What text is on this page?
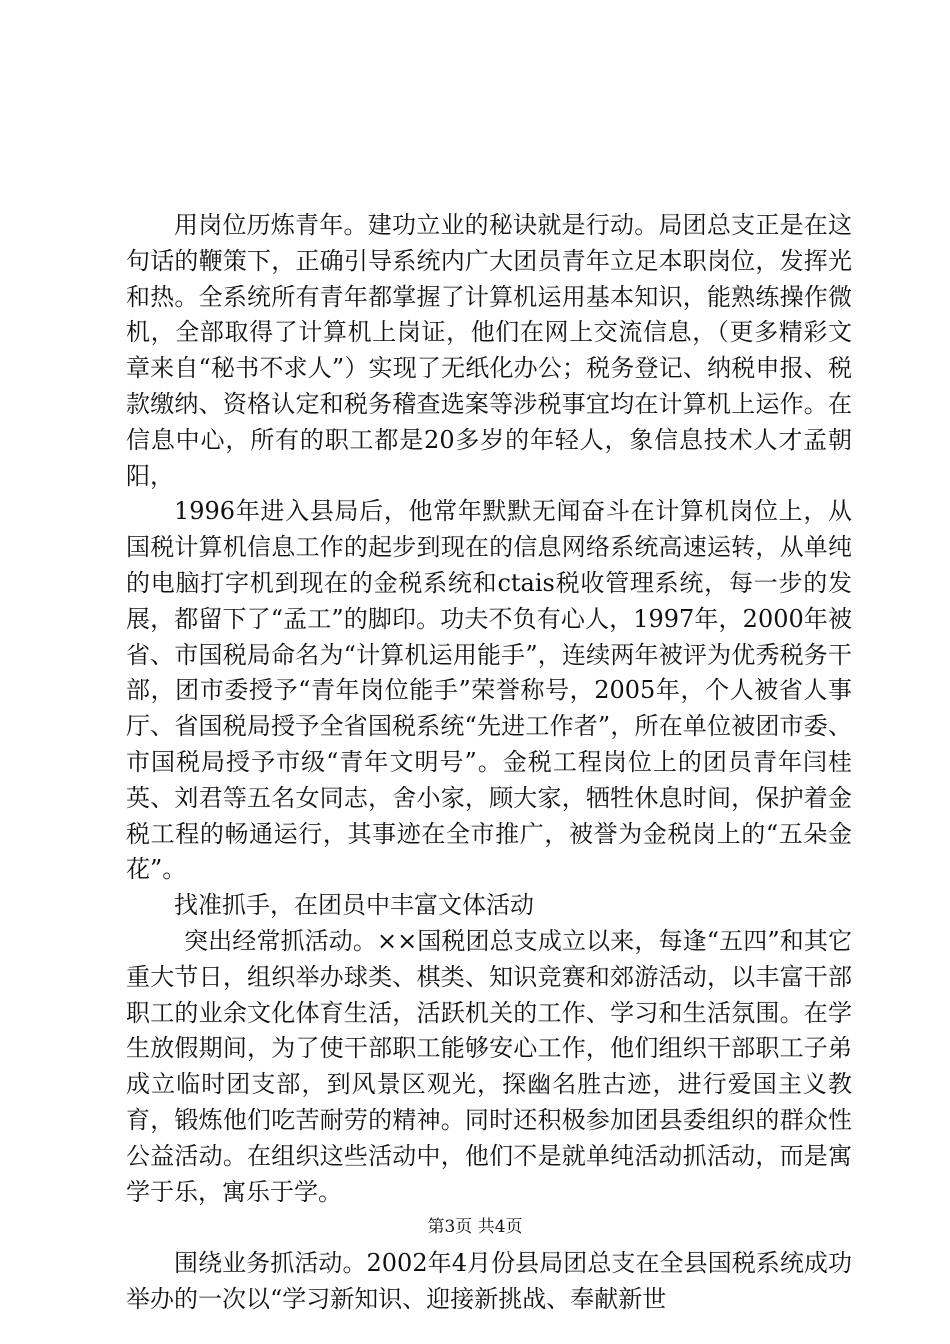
用岗位历炼青年。建功立业的秘诀就是行动。局团总支正是在这句话的鞭策下，正确引导系统内广大团员青年立足本职岗位，发挥光和热。全系统所有青年都掌握了计算机运用基本知识，能熟练操作微机，全部取得了计算机上岗证，他们在网上交流信息，（更多精彩文章来自“秘书不求人”）实现了无纸化办公；税务登记、纳税申报、税款缴纳、资格认定和税务稽查选案等涉税事宜均在计算机上运作。在信息中心，所有的职工都是20多岁的年轻人，象信息技术人才孟朝阳，

1996年进入县局后，他常年默默无闻奋斗在计算机岗位上，从国税计算机信息工作的起步到现在的信息网络系统高速运转，从单纯的电脑打字机到现在的金税系统和ctais税收管理系统，每一步的发展，都留下了“孟工”的脚印。功夫不负有心人，1997年，2000年被省、市国税局命名为“计算机运用能手”，连续两年被评为优秀税务干部，团市委授予“青年岗位能手”荣誉称号，2005年，个人被省人事厅、省国税局授予全省国税系统“先进工作者”，所在单位被团市委、市国税局授予市级“青年文明号”。金税工程岗位上的团员青年闫桂英、刘君等五名女同志，舍小家，顾大家，牺牲休息时间，保护着金税工程的畅通运行，其事迹在全市推广，被誉为金税岗上的“五朵金花”。

找准抓手，在团员中丰富文体活动

突出经常抓活动。××国税团总支成立以来，每逢“五四”和其它重大节日，组织举办球类、棋类、知识竞赛和郊游活动，以丰富干部职工的业余文化体育生活，活跃机关的工作、学习和生活氛围。在学生放假期间，为了使干部职工能够安心工作，他们组织干部职工子弟成立临时团支部，到风景区观光，探幽名胜古迹，进行爱国主义教育，锻炼他们吃苦耐劳的精神。同时还积极参加团县委组织的群众性公益活动。在组织这些活动中，他们不是就单纯活动抓活动，而是寓学于乐，寓乐于学。

围绕业务抓活动。2002年4月份县局团总支在全县国税系统成功举办的一次以“学习新知识、迎接新挑战、奉献新世

第3页 共4页
